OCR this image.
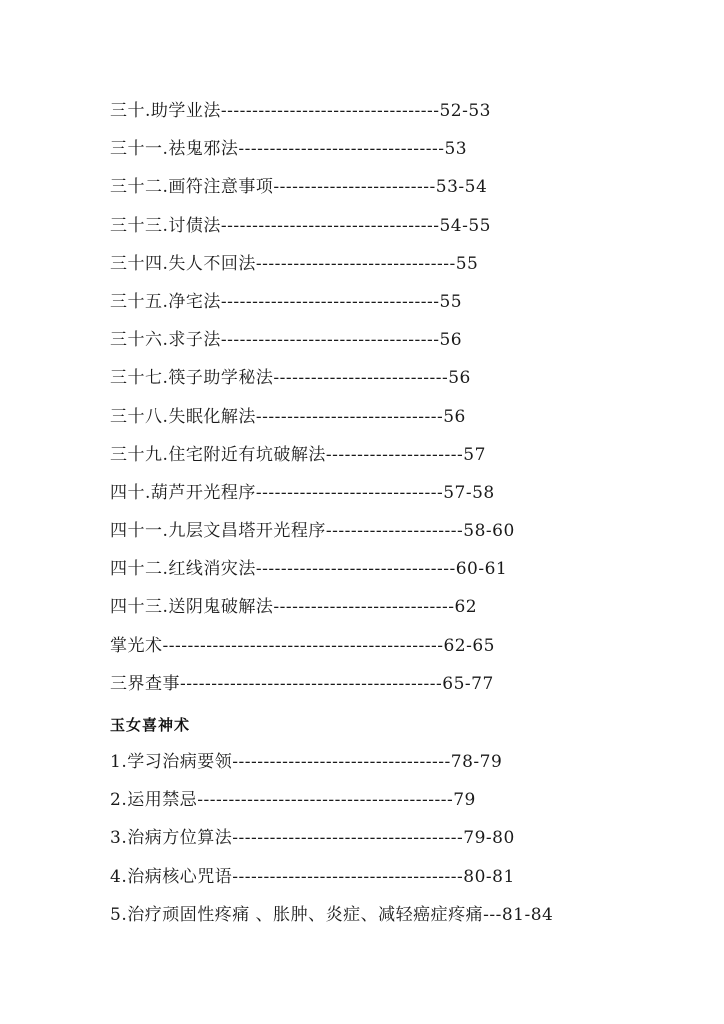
三十.助学业法-----------------------------------52-53
三十一.祛鬼邪法---------------------------------53
三十二.画符注意事项--------------------------53-54
三十三.讨债法-----------------------------------54-55
三十四.失人不回法--------------------------------55
三十五.净宅法-----------------------------------55
三十六.求子法-----------------------------------56
三十七.筷子助学秘法----------------------------56
三十八.失眠化解法------------------------------56
三十九.住宅附近有坑破解法----------------------57
四十.葫芦开光程序------------------------------57-58
四十一.九层文昌塔开光程序----------------------58-60
四十二.红线消灾法--------------------------------60-61
四十三.送阴鬼破解法-----------------------------62
掌光术---------------------------------------------62-65
三界查事------------------------------------------65-77
玉女喜神术
1.学习治病要领-----------------------------------78-79
2.运用禁忌-----------------------------------------79
3.治病方位算法-------------------------------------79-80
4.治病核心咒语-------------------------------------80-81
5.治疗顽固性疼痛 、胀肿、炎症、减轻癌症疼痛---81-84
